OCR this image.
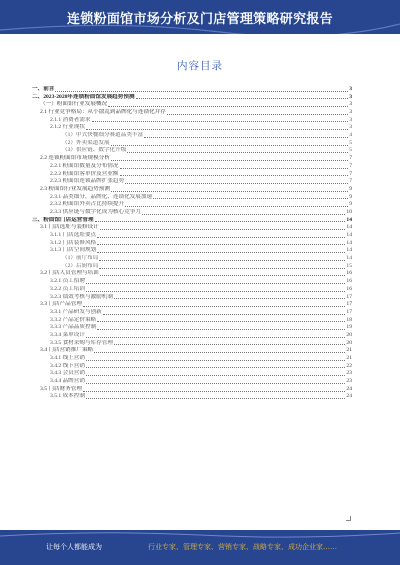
连锁粉面馆市场分析及门店管理策略研究报告
内容目录
一、前言	3
二、2023-2028年连锁粉面馆发展趋势预测	3
（一）粉面馆行业发展概况	3
2.1 行业竞争格局：从小散乱到品牌化与连锁化并存	3
2.1.1 消费者需求	3
2.1.2 行业现状	3
（1）中式快餐细分赛道品类丰富	4
（2）外卖渠道发展	5
（3）供应链、数字化升级	5
2.2 连锁粉面馆市场规模分析	7
2.2.1 粉面馆数量及分布情况	7
2.2.2 粉面馆客单价及营业额	7
2.2.3 粉面馆连锁品牌扩张趋势	7
2.3 粉面馆行业发展趋势预测	9
2.3.1 品类细分，品牌化、连锁化发展加速	9
2.3.2 粉面馆外卖占比持续提升	9
2.3.3 供应链与数字化成为核心竞争力	10
三、粉面馆门店运营管理	14
3.1 门店选址与装修设计	14
3.1.1 门店选址要点	14
3.1.2 门店装修风格	14
3.1.3 门店空间规划	14
（1）前厅布局	14
（2）后厨布局	15
3.2 门店人员管理与培训	16
3.2.1 员工招聘	16
3.2.2 员工培训	16
3.2.3 绩效考核与激励机制	17
3.3 门店产品管理	17
3.3.1 产品研发与创新	17
3.3.2 产品定价策略	18
3.3.3 产品品质控制	19
3.3.4 菜单设计	20
3.3.5 食材采购与库存管理	20
3.4 门店营销推广策略	21
3.4.1 线上营销	21
3.4.2 线下营销	22
3.4.3 会员营销	23
3.4.4 品牌营销	23
3.5 门店财务管理	24
3.5.1 成本控制	24
让每个人都能成为	行业专家、管理专家、营销专家、战略专家、成功企业家……
